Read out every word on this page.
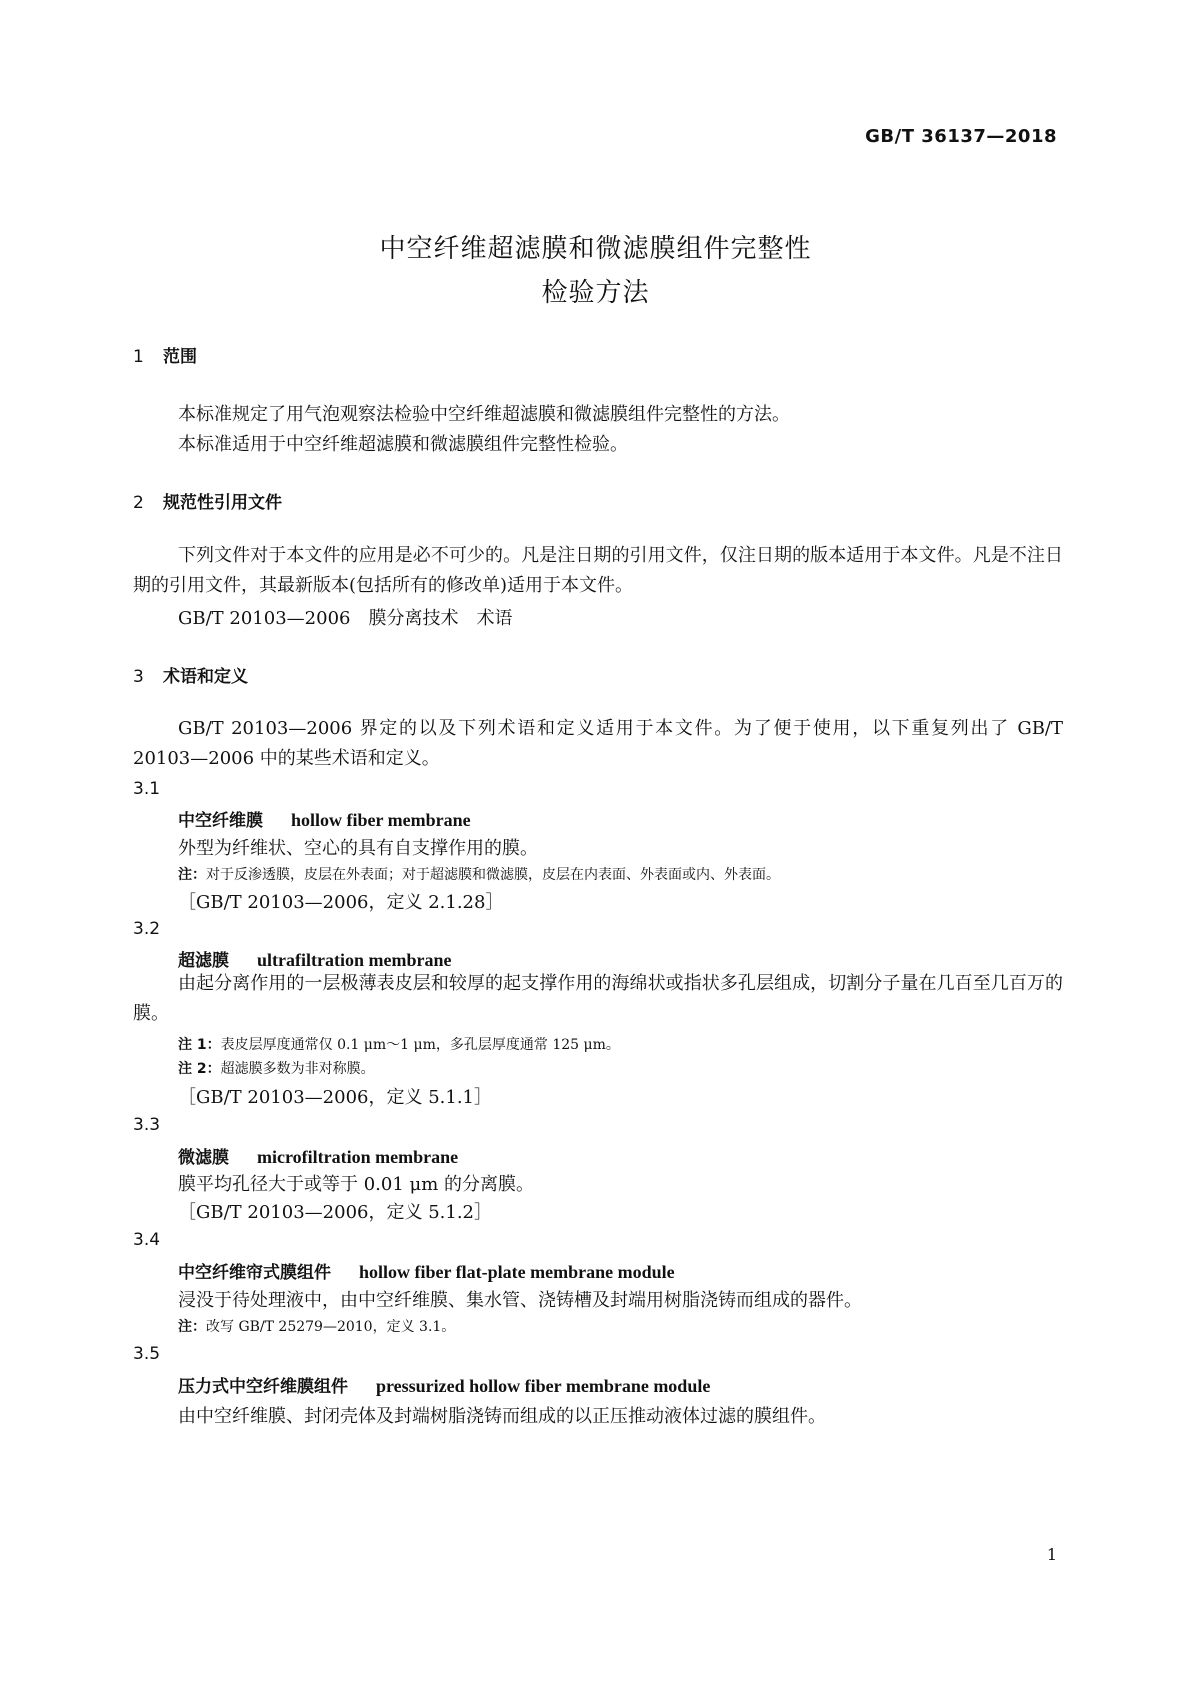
GB/T 36137—2018
中空纤维超滤膜和微滤膜组件完整性
检验方法
1 范围
本标准规定了用气泡观察法检验中空纤维超滤膜和微滤膜组件完整性的方法。
本标准适用于中空纤维超滤膜和微滤膜组件完整性检验。
2 规范性引用文件
下列文件对于本文件的应用是必不可少的。凡是注日期的引用文件，仅注日期的版本适用于本文件。凡是不注日期的引用文件，其最新版本(包括所有的修改单)适用于本文件。
GB/T 20103—2006　膜分离技术　术语
3 术语和定义
GB/T 20103—2006 界定的以及下列术语和定义适用于本文件。为了便于使用，以下重复列出了 GB/T 20103—2006 中的某些术语和定义。
3.1
中空纤维膜 hollow fiber membrane
外型为纤维状、空心的具有自支撑作用的膜。
注：对于反渗透膜，皮层在外表面；对于超滤膜和微滤膜，皮层在内表面、外表面或内、外表面。
［GB/T 20103—2006，定义 2.1.28］
3.2
超滤膜 ultrafiltration membrane
由起分离作用的一层极薄表皮层和较厚的起支撑作用的海绵状或指状多孔层组成，切割分子量在几百至几百万的膜。
注 1：表皮层厚度通常仅 0.1 μm～1 μm，多孔层厚度通常 125 μm。
注 2：超滤膜多数为非对称膜。
［GB/T 20103—2006，定义 5.1.1］
3.3
微滤膜 microfiltration membrane
膜平均孔径大于或等于 0.01 μm 的分离膜。
［GB/T 20103—2006，定义 5.1.2］
3.4
中空纤维帘式膜组件 hollow fiber flat-plate membrane module
浸没于待处理液中，由中空纤维膜、集水管、浇铸槽及封端用树脂浇铸而组成的器件。
注：改写 GB/T 25279—2010，定义 3.1。
3.5
压力式中空纤维膜组件 pressurized hollow fiber membrane module
由中空纤维膜、封闭壳体及封端树脂浇铸而组成的以正压推动液体过滤的膜组件。
1
